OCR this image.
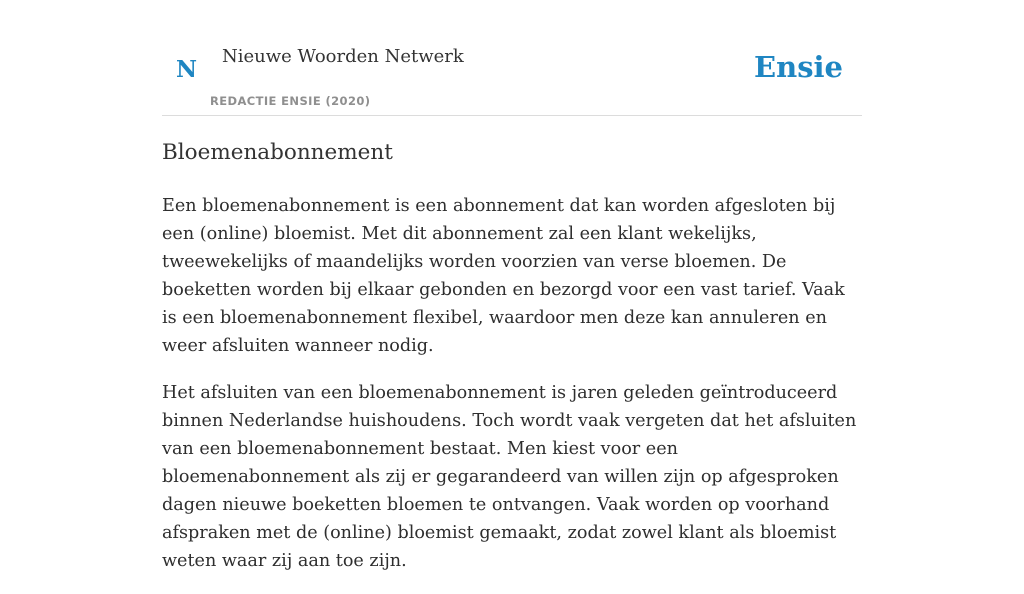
N Nieuwe Woorden Netwerk
REDACTIE ENSIE (2020)
Ensie
Bloemenabonnement

Een bloemenabonnement is een abonnement dat kan worden afgesloten bij een (online) bloemist. Met dit abonnement zal een klant wekelijks, tweewekelijks of maandelijks worden voorzien van verse bloemen. De boeketten worden bij elkaar gebonden en bezorgd voor een vast tarief. Vaak is een bloemenabonnement flexibel, waardoor men deze kan annuleren en weer afsluiten wanneer nodig.

Het afsluiten van een bloemenabonnement is jaren geleden geïntroduceerd binnen Nederlandse huishoudens. Toch wordt vaak vergeten dat het afsluiten van een bloemenabonnement bestaat. Men kiest voor een bloemenabonnement als zij er gegarandeerd van willen zijn op afgesproken dagen nieuwe boeketten bloemen te ontvangen. Vaak worden op voorhand afspraken met de (online) bloemist gemaakt, zodat zowel klant als bloemist weten waar zij aan toe zijn.
